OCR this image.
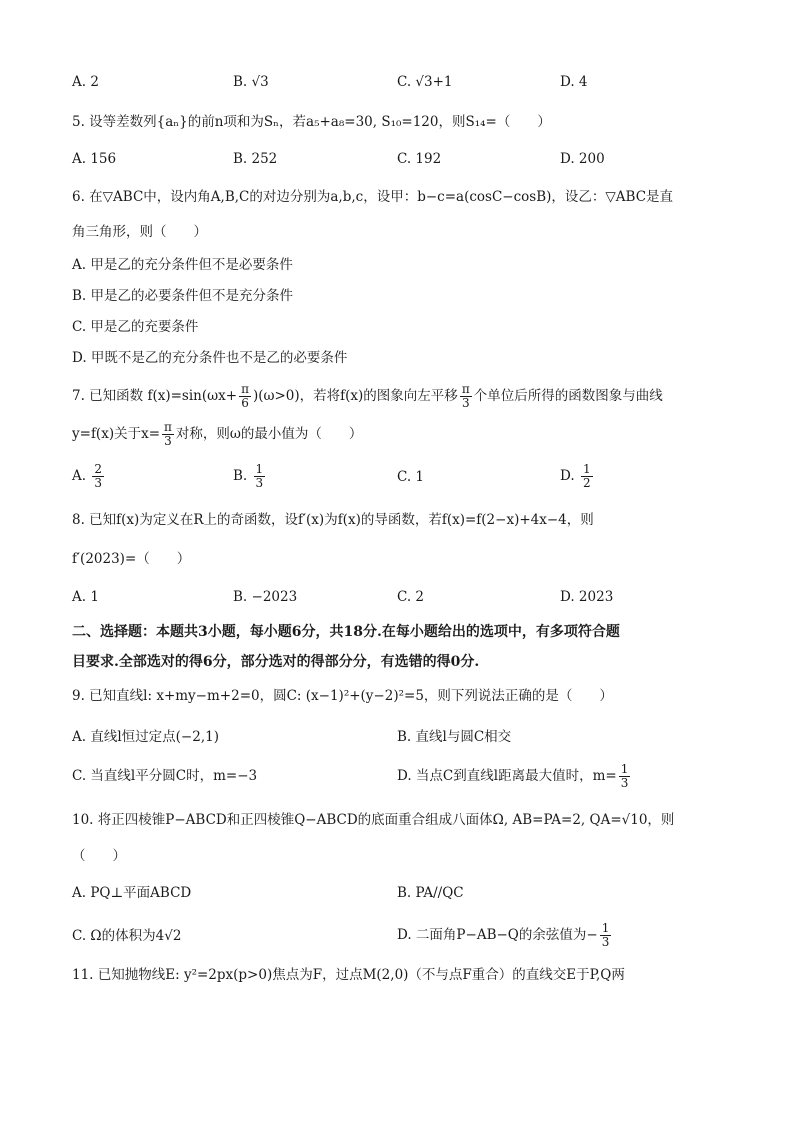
A. 2	B. √3	C. √3+1	D. 4
5. 设等差数列{aₙ}的前n项和为Sₙ，若a₅+a₈=30, S₁₀=120，则S₁₄=（　　）
A. 156	B. 252	C. 192	D. 200
6. 在▽ABC中，设内角A,B,C的对边分别为a,b,c，设甲：b−c=a(cosC−cosB)，设乙：▽ABC是直
角三角形，则（　　）
A. 甲是乙的充分条件但不是必要条件
B. 甲是乙的必要条件但不是充分条件
C. 甲是乙的充要条件
D. 甲既不是乙的充分条件也不是乙的必要条件
7. 已知函数 $f(x)=\sin(\omega x+ \frac{\pi}{6} )(\omega>0)$，若将f(x)的图象向左平移 $\frac{\pi}{3}$ 个单位后所得的函数图象与曲线
y=f(x)关于$x= \frac{\pi}{3}$ 对称，则ω的最小值为（　　）
A. $\frac{2}{3}$	B. $\frac{1}{3}$	C. 1	D. $\frac{1}{2}$
8. 已知f(x)为定义在R上的奇函数，设f′(x)为f(x)的导函数，若f(x)=f(2−x)+4x−4，则
f′(2023)=（　　）
A. 1	B. −2023	C. 2	D. 2023
二、选择题：本题共3小题，每小题6分，共18分.在每小题给出的选项中，有多项符合题
目要求.全部选对的得6分，部分选对的得部分分，有选错的得0分.
9. 已知直线l: x+my−m+2=0，圆C: (x−1)²+(y−2)²=5，则下列说法正确的是（　　）
A. 直线l恒过定点(−2,1)	B. 直线l与圆C相交
C. 当直线l平分圆C时，m=−3	D. 当点C到直线l距离最大值时，$m= \frac{1}{3}$
10. 将正四棱锥P−ABCD和正四棱锥Q−ABCD的底面重合组成八面体Ω, AB=PA=2, QA=√10，则
（　　）
A. PQ⊥平面ABCD	B. PA//QC
C. Ω的体积为4√2	D. 二面角P−AB−Q的余弦值为− $\frac{1}{3}$
11. 已知抛物线E: y²=2px(p>0)焦点为F，过点M(2,0)（不与点F重合）的直线交E于P,Q两
